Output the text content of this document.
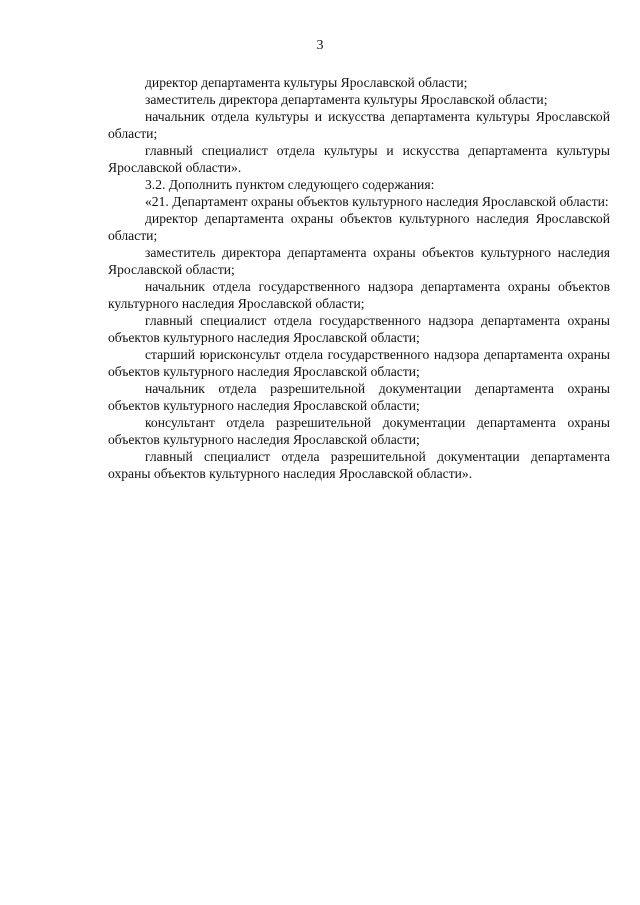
3

директор департамента культуры Ярославской области;

заместитель директора департамента культуры Ярославской области;

начальник отдела культуры и искусства департамента культуры Ярославской области;

главный специалист отдела культуры и искусства департамента культуры Ярославской области».

3.2. Дополнить пунктом следующего содержания:

«21. Департамент охраны объектов культурного наследия Ярославской области:

директор департамента охраны объектов культурного наследия Ярославской области;

заместитель директора департамента охраны объектов культурного наследия Ярославской области;

начальник отдела государственного надзора департамента охраны объектов культурного наследия Ярославской области;

главный специалист отдела государственного надзора департамента охраны объектов культурного наследия Ярославской области;

старший юрисконсульт отдела государственного надзора департамента охраны объектов культурного наследия Ярославской области;

начальник отдела разрешительной документации департамента охраны объектов культурного наследия Ярославской области;

консультант отдела разрешительной документации департамента охраны объектов культурного наследия Ярославской области;

главный специалист отдела разрешительной документации департамента охраны объектов культурного наследия Ярославской области».
